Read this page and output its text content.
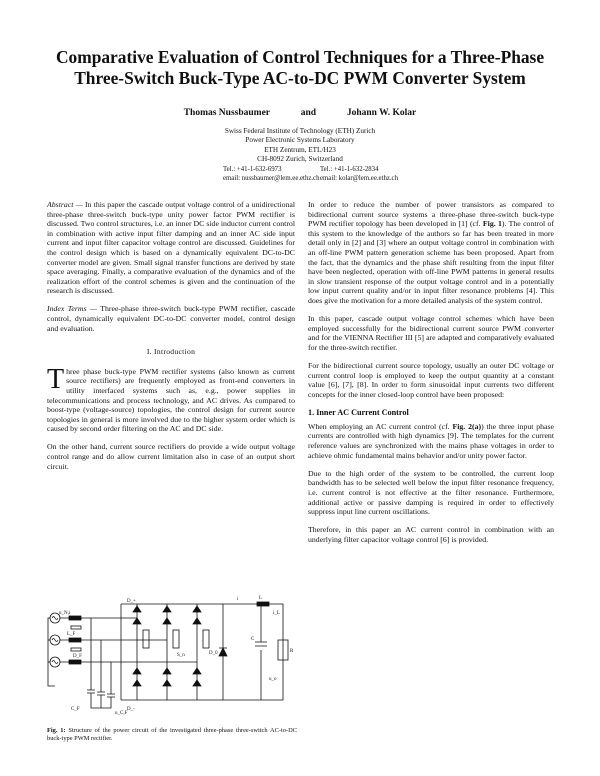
Comparative Evaluation of Control Techniques for a Three-Phase
Three-Switch Buck-Type AC-to-DC PWM Converter System
Thomas Nussbaumer	and	Johann W. Kolar
Swiss Federal Institute of Technology (ETH) Zurich
Power Electronic Systems Laboratory
ETH Zentrum, ETL/H23
CH-8092 Zurich, Switzerland
Tel.: +41-1-632-6973
email: nussbaumer@lem.ee.ethz.ch
Tel.: +41-1-632-2834
email: kolar@lem.ee.ethz.ch

Abstract — In this paper the cascade output voltage control of a unidirectional three-phase three-switch buck-type unity power factor PWM rectifier is discussed. Two control structures, i.e. an inner DC side inductor current control in combination with active input filter damping and an inner AC side input current and input filter capacitor voltage control are discussed. Guidelines for the control design which is based on a dynamically equivalent DC-to-DC converter model are given. Small signal transfer functions are derived by state space averaging. Finally, a comparative evaluation of the dynamics and of the realization effort of the control schemes is given and the continuation of the research is discussed.

Index Terms — Three-phase three-switch buck-type PWM rectifier, cascade control, dynamically equivalent DC-to-DC converter model, control design and evaluation.

I. Introduction

Three phase buck-type PWM rectifier systems (also known as current source rectifiers) are frequently employed as front-end converters in utility interfaced systems such as, e.g., power supplies in telecommunications and process technology, and AC drives. As compared to boost-type (voltage-source) topologies, the control design for current source topologies in general is more involved due to the higher system order which is caused by second order filtering on the AC and DC side.

On the other hand, current source rectifiers do provide a wide output voltage control range and do allow current limitation also in case of an output short circuit.

u_N,i
L_F
D_F
C_F
u_C,F
D_+
D_-
D_0
i	L
C
R
u_o
S_n
i_L
Fig. 1: Structure of the power circuit of the investigated three-phase three-switch AC-to-DC buck-type PWM rectifier.

In order to reduce the number of power transistors as compared to bidirectional current source systems a three-phase three-switch buck-type PWM rectifier topology has been developed in [1] (cf. Fig. 1). The control of this system to the knowledge of the authors so far has been treated in more detail only in [2] and [3] where an output voltage control in combination with an off-line PWM pattern generation scheme has been proposed. Apart from the fact, that the dynamics and the phase shift resulting from the input filter have been neglected, operation with off-line PWM patterns in general results in slow transient response of the output voltage control and in a potentially low input current quality and/or in input filter resonance problems [4]. This does give the motivation for a more detailed analysis of the system control.

In this paper, cascade output voltage control schemes which have been employed successfully for the bidirectional current source PWM converter and for the VIENNA Rectifier III [5] are adapted and comparatively evaluated for the three-switch rectifier.

For the bidirectional current source topology, usually an outer DC voltage or current control loop is employed to keep the output quantity at a constant value [6], [7], [8]. In order to form sinusoidal input currents two different concepts for the inner closed-loop control have been proposed:

1. Inner AC Current Control

When employing an AC current control (cf. Fig. 2(a)) the three input phase currents are controlled with high dynamics [9]. The templates for the current reference values are synchronized with the mains phase voltages in order to achieve ohmic fundamental mains behavior and/or unity power factor.

Due to the high order of the system to be controlled, the current loop bandwidth has to be selected well below the input filter resonance frequency, i.e. current control is not effective at the filter resonance. Furthermore, additional active or passive damping is required in order to effectively suppress input line current oscillations.

Therefore, in this paper an AC current control in combination with an underlying filter capacitor voltage control [6] is provided.
